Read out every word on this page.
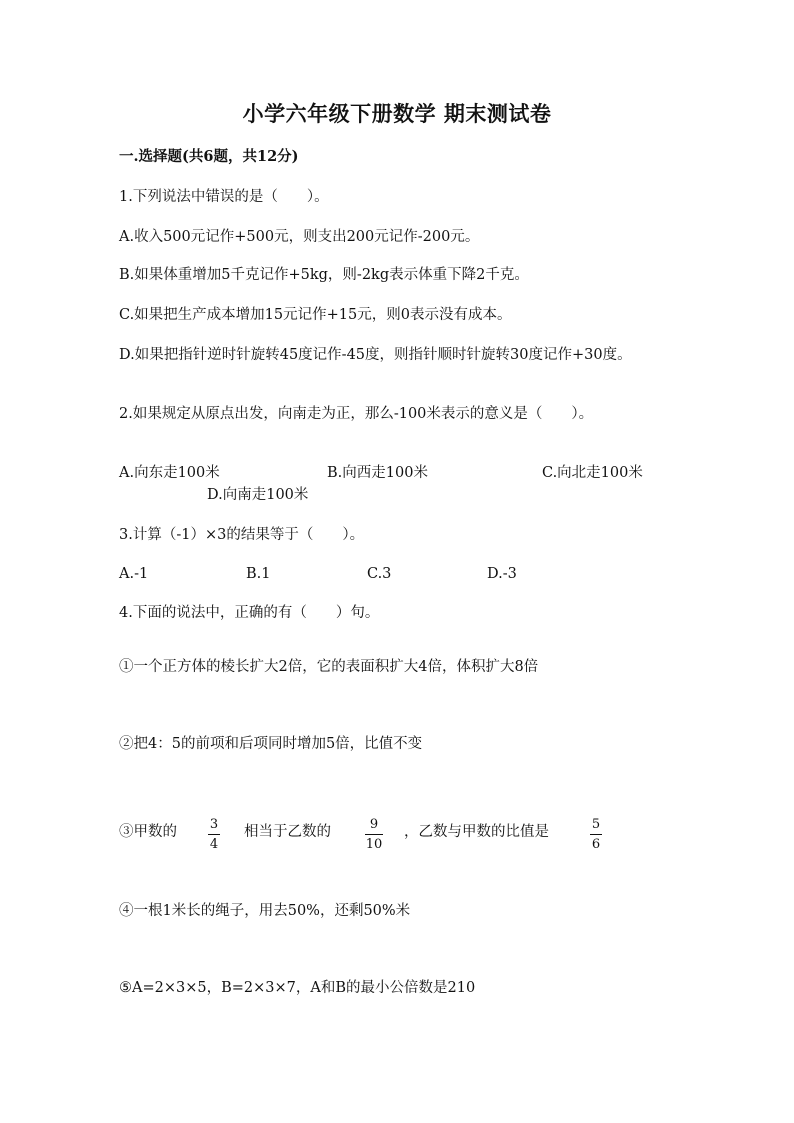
小学六年级下册数学 期末测试卷
一.选择题(共6题，共12分)
1.下列说法中错误的是（　　）。
A.收入500元记作+500元，则支出200元记作-200元。
B.如果体重增加5千克记作+5kg，则-2kg表示体重下降2千克。
C.如果把生产成本增加15元记作+15元，则0表示没有成本。
D.如果把指针逆时针旋转45度记作-45度，则指针顺时针旋转30度记作+30度。
2.如果规定从原点出发，向南走为正，那么-100米表示的意义是（　　）。
A.向东走100米	B.向西走100米	C.向北走100米
D.向南走100米
3.计算（-1）×3的结果等于（　　）。
A.-1	B.1	C.3	D.-3
4.下面的说法中，正确的有（　　）句。
①一个正方体的棱长扩大2倍，它的表面积扩大4倍，体积扩大8倍
②把4：5的前项和后项同时增加5倍，比值不变
③甲数的	3
4
相当于乙数的	9
10
，乙数与甲数的比值是	5
6
④一根1米长的绳子，用去50%，还剩50%米
⑤A=2×3×5，B=2×3×7，A和B的最小公倍数是210
